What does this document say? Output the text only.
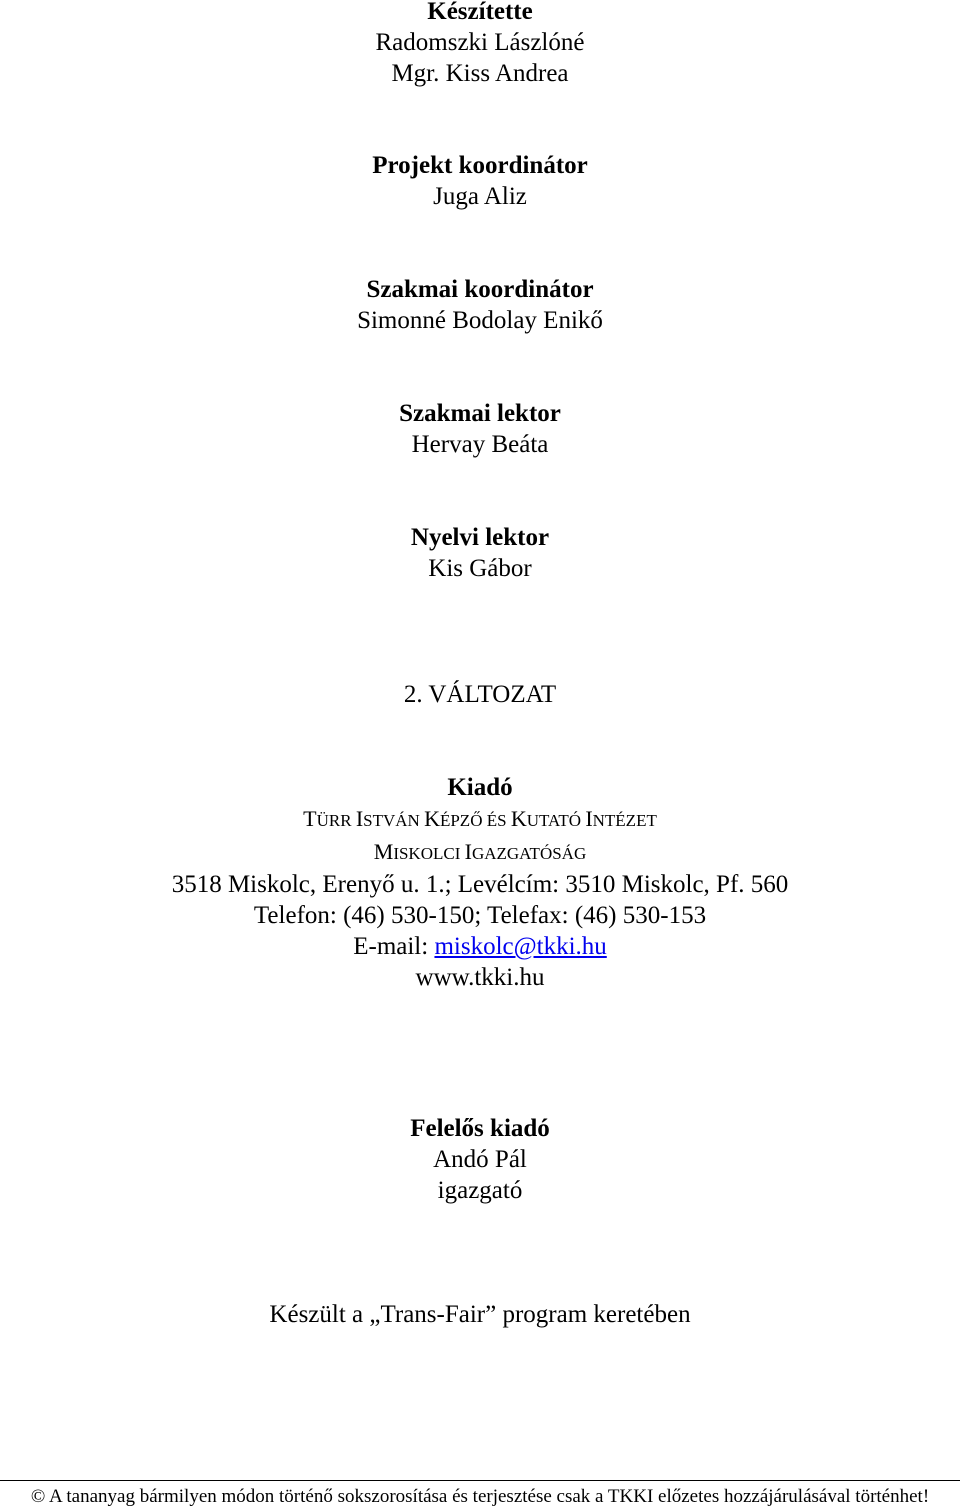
Készítette
Radomszki Lászlóné
Mgr. Kiss Andrea
Projekt koordinátor
Juga Aliz
Szakmai koordinátor
Simonné Bodolay Enikő
Szakmai lektor
Hervay Beáta
Nyelvi lektor
Kis Gábor
2. VÁLTOZAT
Kiadó
TÜRR ISTVÁN KÉPZŐ ÉS KUTATÓ INTÉZET
MISKOLCI IGAZGATÓSÁG
3518 Miskolc, Erenyő u. 1.; Levélcím: 3510 Miskolc, Pf. 560
Telefon: (46) 530-150; Telefax: (46) 530-153
E-mail: miskolc@tkki.hu
www.tkki.hu
Felelős kiadó
Andó Pál
igazgató
Készült a „Trans-Fair” program keretében
© A tananyag bármilyen módon történő sokszorosítása és terjesztése csak a TKKI előzetes hozzájárulásával történhet!
